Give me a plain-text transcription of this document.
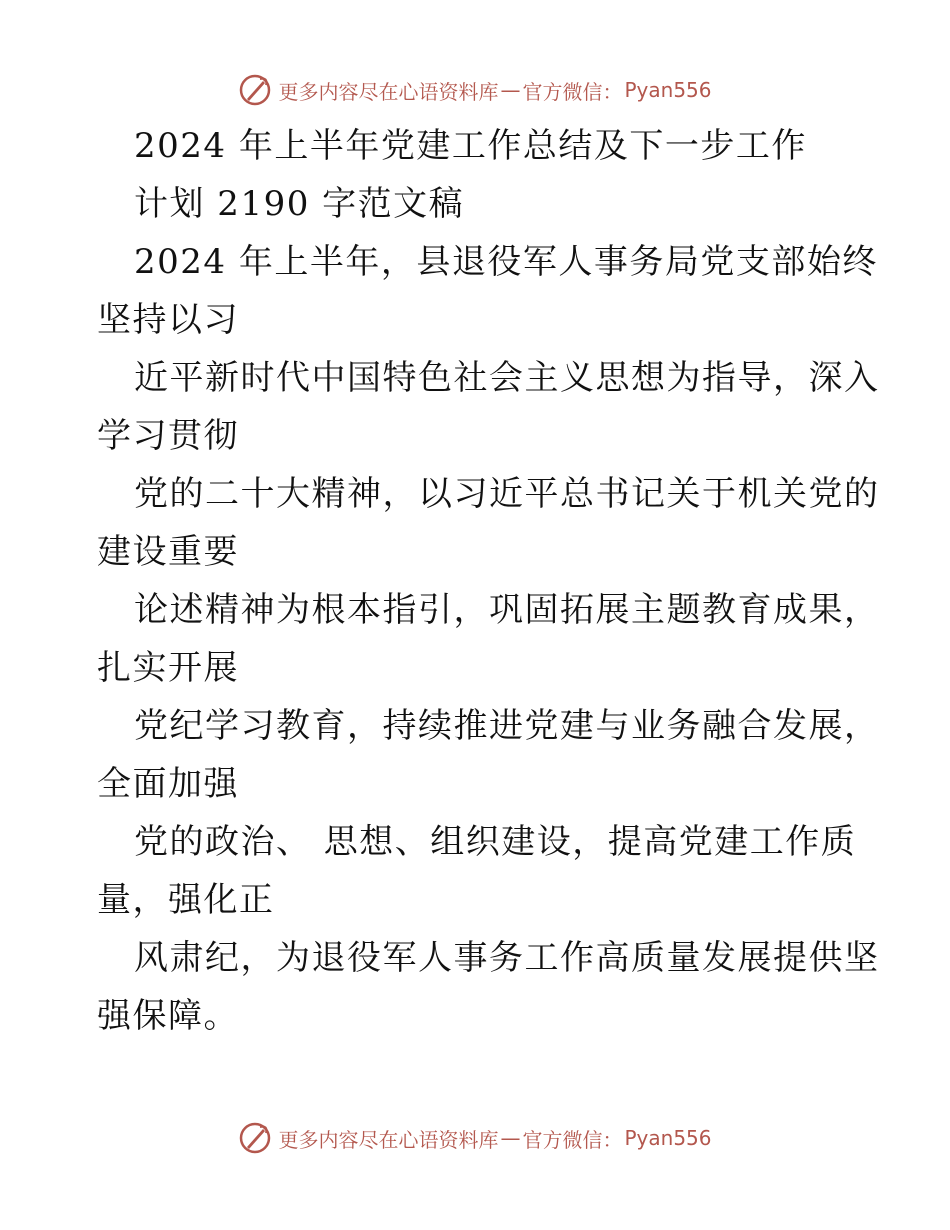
更多内容尽在心语资料库 — 官方微信： Pyan556
2024 年上半年党建工作总结及下一步工作
计划 2190 字范文稿
2024 年上半年，县退役军人事务局党支部始终
坚持以习
近平新时代中国特色社会主义思想为指导，深入
学习贯彻
党的二十大精神，以习近平总书记关于机关党的
建设重要
论述精神为根本指引，巩固拓展主题教育成果，
扎实开展
党纪学习教育，持续推进党建与业务融合发展，
全面加强
党的政治、 思想、组织建设，提高党建工作质
量，强化正
风肃纪，为退役军人事务工作高质量发展提供坚
强保障。
更多内容尽在心语资料库 — 官方微信： Pyan556
